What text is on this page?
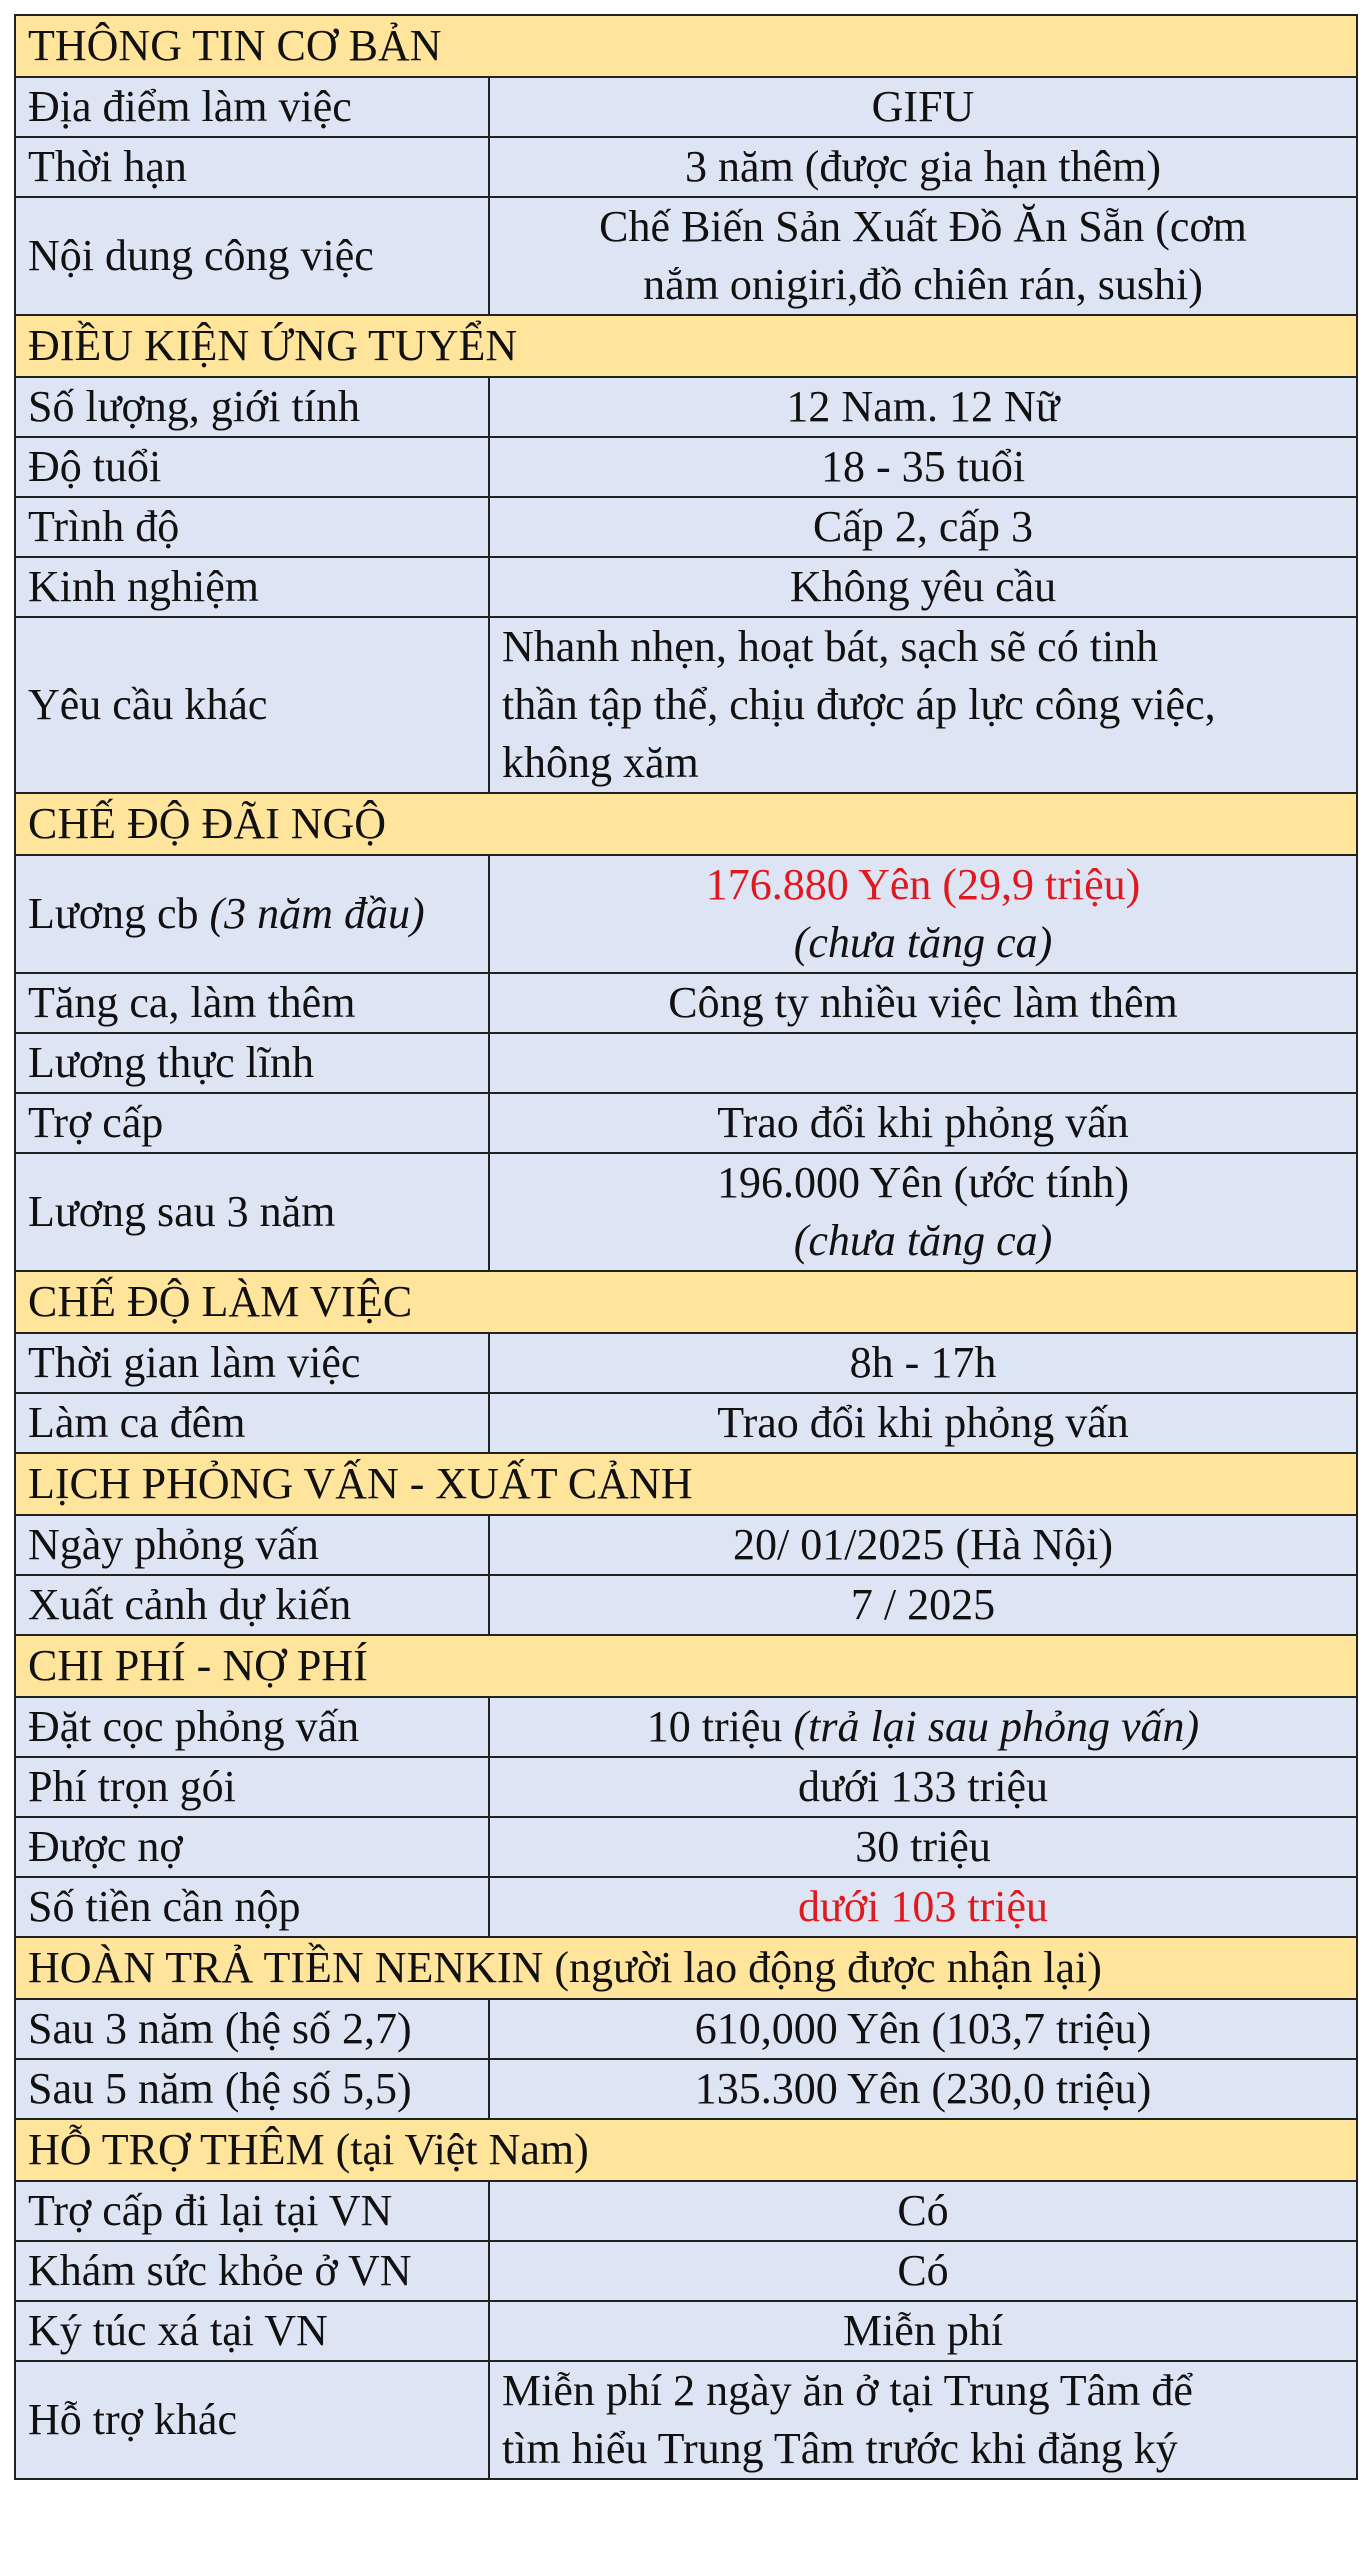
THÔNG TIN CƠ BẢN	
Địa điểm làm việc	GIFU
Thời hạn	3 năm (được gia hạn thêm)
Nội dung công việc	Chế Biến Sản Xuất Đồ Ăn Sẵn (cơm
nắm onigiri,đồ chiên rán, sushi)

ĐIỀU KIỆN ỨNG TUYỂN	
Số lượng, giới tính	12 Nam. 12 Nữ
Độ tuổi	18 - 35 tuổi
Trình độ	Cấp 2, cấp 3
Kinh nghiệm	Không yêu cầu
Yêu cầu khác	Nhanh nhẹn, hoạt bát, sạch sẽ có tinh
thần tập thể, chịu được áp lực công việc,
không xăm

CHẾ ĐỘ ĐÃI NGỘ	
Lương cb (3 năm đầu)	176.880 Yên (29,9 triệu)
(chưa tăng ca)

Tăng ca, làm thêm	Công ty nhiều việc làm thêm
Lương thực lĩnh	
Trợ cấp	Trao đổi khi phỏng vấn
Lương sau 3 năm	196.000 Yên (ước tính)
(chưa tăng ca)

CHẾ ĐỘ LÀM VIỆC	
Thời gian làm việc	8h - 17h
Làm ca đêm	Trao đổi khi phỏng vấn
LỊCH PHỎNG VẤN - XUẤT CẢNH	
Ngày phỏng vấn	20/ 01/2025 (Hà Nội)
Xuất cảnh dự kiến	7 / 2025
CHI PHÍ - NỢ PHÍ	
Đặt cọc phỏng vấn	10 triệu (trả lại sau phỏng vấn)
Phí trọn gói	dưới 133 triệu
Được nợ	30 triệu
Số tiền cần nộp	dưới 103 triệu
HOÀN TRẢ TIỀN NENKIN (người lao động được nhận lại)	
Sau 3 năm (hệ số 2,7)	610,000 Yên (103,7 triệu)
Sau 5 năm (hệ số 5,5)	135.300 Yên (230,0 triệu)
HỖ TRỢ THÊM (tại Việt Nam)	
Trợ cấp đi lại tại VN	Có
Khám sức khỏe ở VN	Có
Ký túc xá tại VN	Miễn phí
Hỗ trợ khác	Miễn phí 2 ngày ăn ở tại Trung Tâm để
tìm hiểu Trung Tâm trước khi đăng ký
